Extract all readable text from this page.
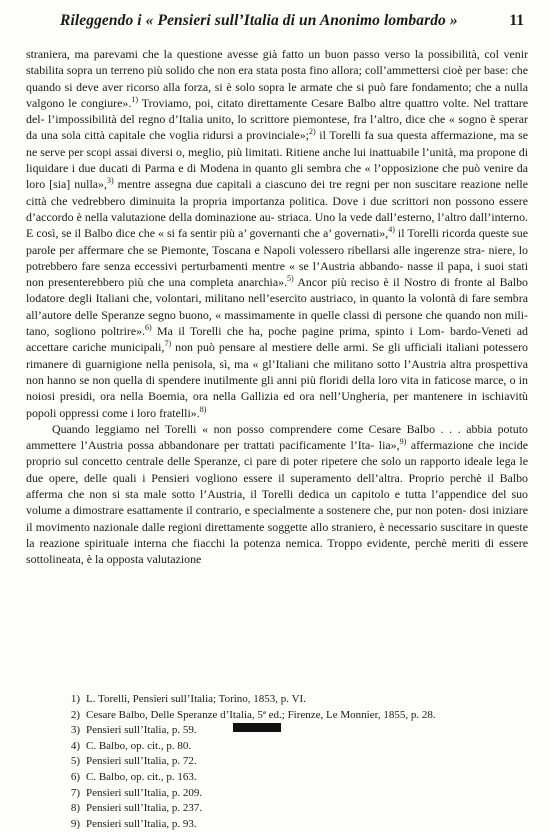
Rileggendo i « Pensieri sull’Italia di un Anonimo lombardo »	11

straniera, ma parevami che la questione avesse già fatto un buon passo verso la possibilità, col venir stabilita sopra un terreno più solido che non era stata posta fino allora; coll’ammettersi cioè per base: che quando si deve aver ricorso alla forza, si è solo sopra le armate che si può fare fondamento; che a nulla valgono le congiure».$^{1)}$ Troviamo, poi, citato direttamente Cesare Balbo altre quattro volte. Nel trattare del- l’impossibilità del regno d’Italia unito, lo scrittore piemontese, fra l’altro, dice che « sogno è sperar da una sola città capitale che voglia ridursi a provinciale»;$^{2)}$ il Torelli fa sua questa affermazione, ma se ne serve per scopi assai diversi o, meglio, più limitati. Ritiene anche lui inattuabile l’unità, ma propone di liquidare i due ducati di Parma e di Modena in quanto gli sembra che « l’opposizione che può venire da loro [sia] nulla»,$^{3)}$ mentre assegna due capitali a ciascuno dei tre regni per non suscitare reazione nelle città che vedrebbero diminuita la propria importanza politica. Dove i due scrittori non possono essere d’accordo è nella valutazione della dominazione au- striaca. Uno la vede dall’esterno, l’altro dall’interno. E così, se il Balbo dice che « si fa sentir più a’ governanti che a’ governati»,$^{4)}$ il Torelli ricorda queste sue parole per affermare che se Piemonte, Toscana e Napoli volessero ribellarsi alle ingerenze stra- niere, lo potrebbero fare senza eccessivi perturbamenti mentre « se l’Austria abbando- nasse il papa, i suoi stati non presenterebbero più che una completa anarchia».$^{5)}$ Ancor più reciso è il Nostro di fronte al Balbo lodatore degli Italiani che, volontari, militano nell’esercito austriaco, in quanto la volontà di fare sembra all’autore delle Speranze segno buono, « massimamente in quelle classi di persone che quando non mili- tano, sogliono poltrire».$^{6)}$ Ma il Torelli che ha, poche pagine prima, spinto i Lom- bardo-Veneti ad accettare cariche municipali,$^{7)}$ non può pensare al mestiere delle armi. Se gli ufficiali italiani potessero rimanere di guarnigione nella penisola, sì, ma « gl’Italiani che militano sotto l’Austria altra prospettiva non hanno se non quella di spendere inutilmente gli anni più floridi della loro vita in faticose marce, o in noiosi presidi, ora nella Boemia, ora nella Gallizia ed ora nell’Ungheria, per mantenere in ischiavitù popoli oppressi come i loro fratelli».$^{8)}$

Quando leggiamo nel Torelli « non posso comprendere come Cesare Balbo . . . abbia potuto ammettere l’Austria possa abbandonare per trattati pacificamente l’Ita- lia»,$^{9)}$ affermazione che incide proprio sul concetto centrale delle Speranze, ci pare di poter ripetere che solo un rapporto ideale lega le due opere, delle quali i Pensieri vogliono essere il superamento dell’altra. Proprio perchè il Balbo afferma che non si sta male sotto l’Austria, il Torelli dedica un capitolo e tutta l’appendice del suo volume a dimostrare esattamente il contrario, e specialmente a sostenere che, pur non poten- dosi iniziare il movimento nazionale dalle regioni direttamente soggette allo straniero, è necessario suscitare in queste la reazione spirituale interna che fiacchi la potenza nemica. Troppo evidente, perchè meriti di essere sottolineata, è la opposta valutazione

1) L. Torelli, Pensieri sull’Italia; Torino, 1853, p. VI.
2) Cesare Balbo, Delle Speranze d’Italia, 5ª ed.; Firenze, Le Monnier, 1855, p. 28.
3) Pensieri sull’Italia, p. 59.
4) C. Balbo, op. cit., p. 80.
5) Pensieri sull’Italia, p. 72.
6) C. Balbo, op. cit., p. 163.
7) Pensieri sull’Italia, p. 209.
8) Pensieri sull’Italia, p. 237.
9) Pensieri sull’Italia, p. 93.
